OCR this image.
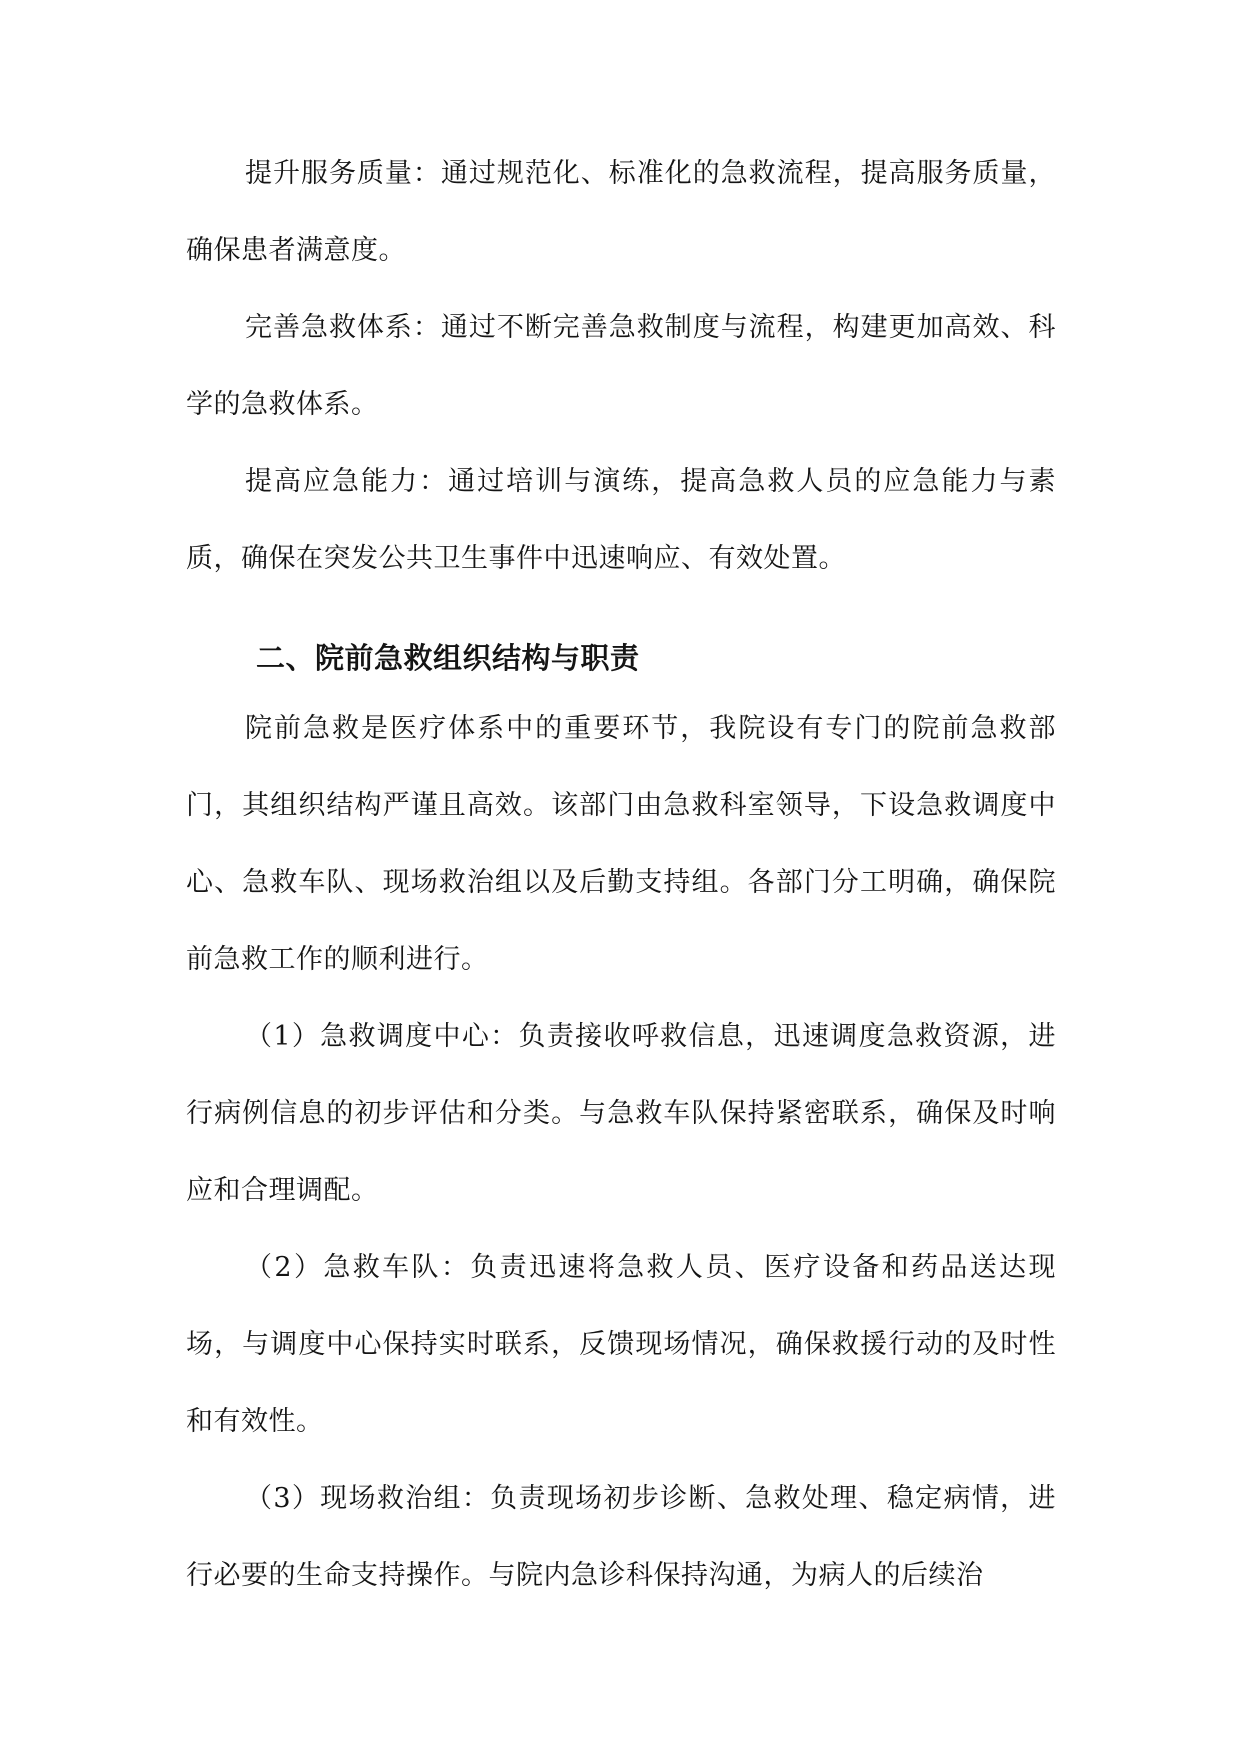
提升服务质量：通过规范化、标准化的急救流程，提高服务质量，确保患者满意度。

完善急救体系：通过不断完善急救制度与流程，构建更加高效、科学的急救体系。

提高应急能力：通过培训与演练，提高急救人员的应急能力与素质，确保在突发公共卫生事件中迅速响应、有效处置。

二、院前急救组织结构与职责

院前急救是医疗体系中的重要环节，我院设有专门的院前急救部门，其组织结构严谨且高效。该部门由急救科室领导，下设急救调度中心、急救车队、现场救治组以及后勤支持组。各部门分工明确，确保院前急救工作的顺利进行。

（1）急救调度中心：负责接收呼救信息，迅速调度急救资源，进行病例信息的初步评估和分类。与急救车队保持紧密联系，确保及时响应和合理调配。

（2）急救车队：负责迅速将急救人员、医疗设备和药品送达现场，与调度中心保持实时联系，反馈现场情况，确保救援行动的及时性和有效性。

（3）现场救治组：负责现场初步诊断、急救处理、稳定病情，进行必要的生命支持操作。与院内急诊科保持沟通，为病人的后续治
